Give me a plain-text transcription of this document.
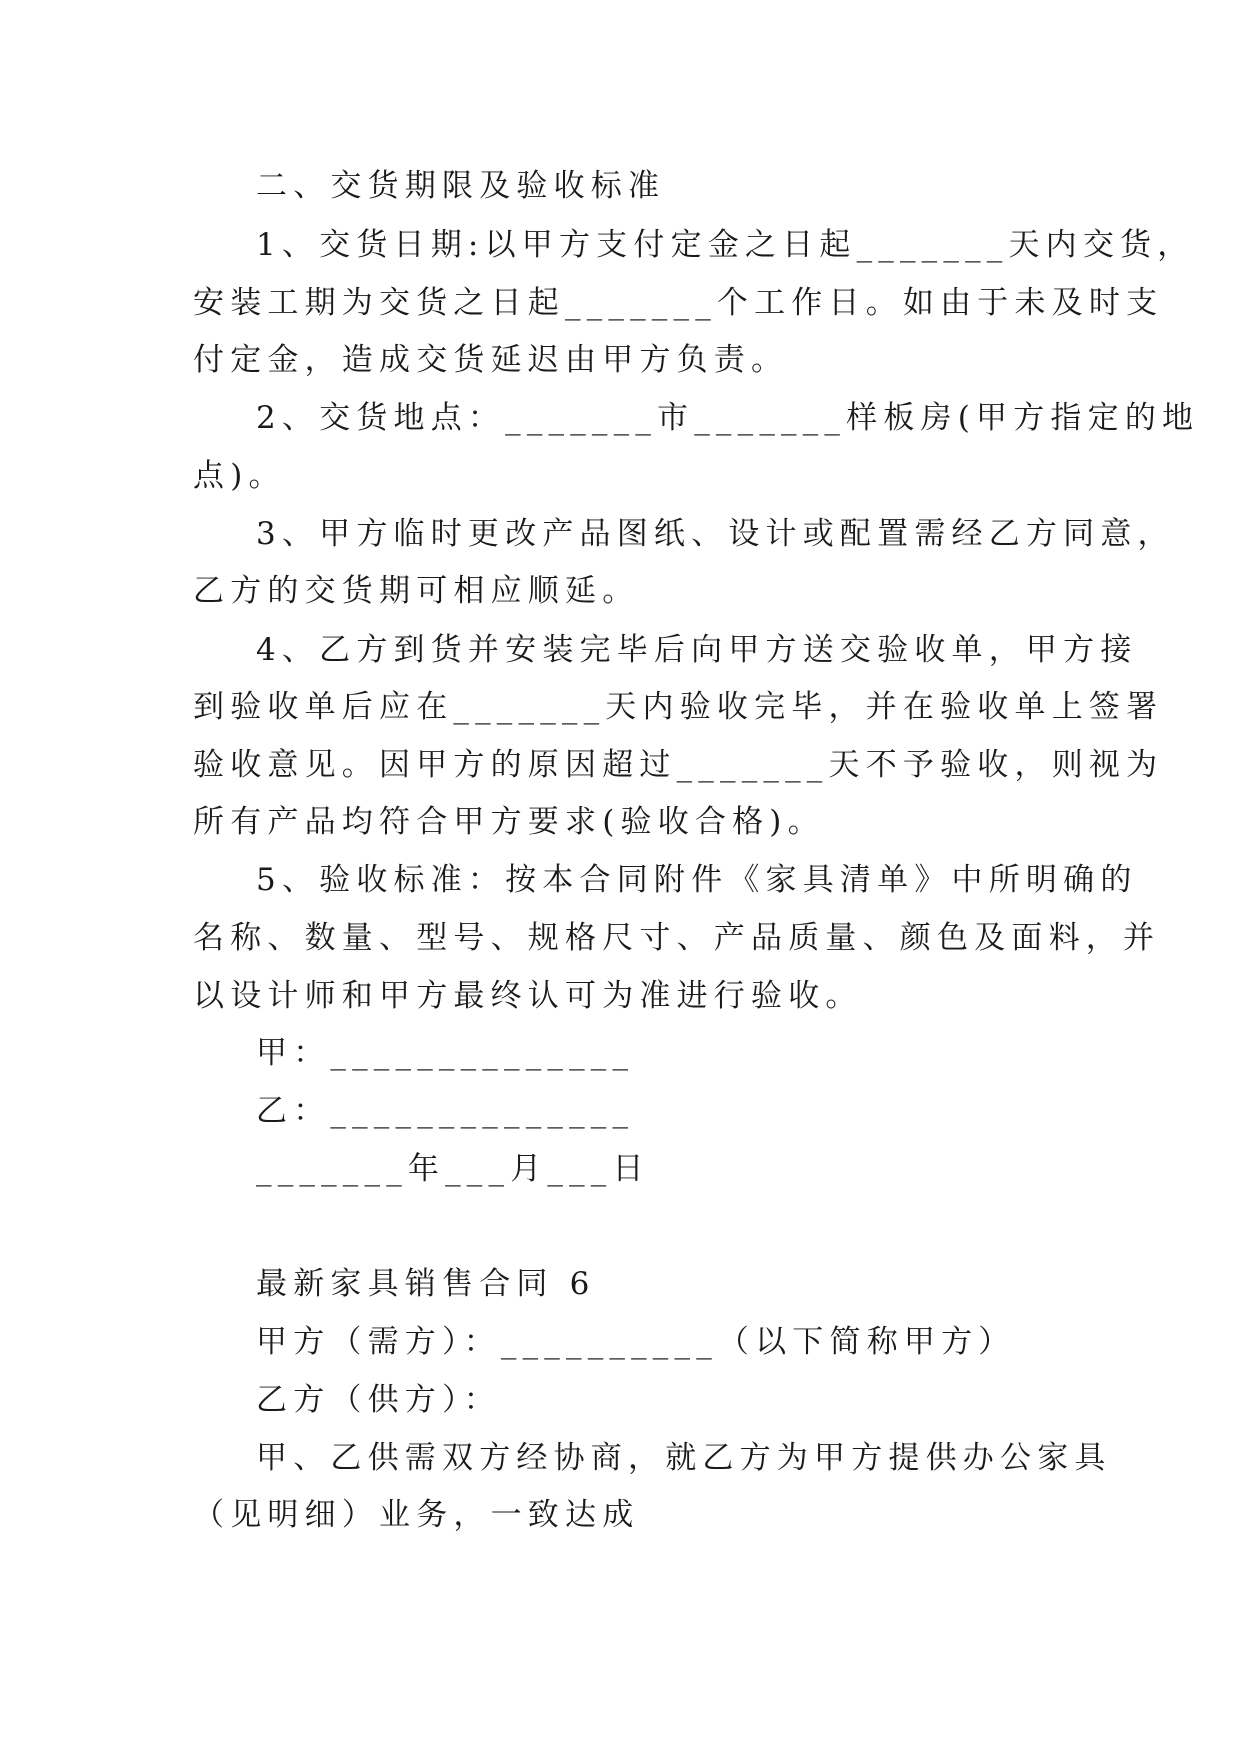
二、交货期限及验收标准
1、交货日期:以甲方支付定金之日起_______天内交货，
安装工期为交货之日起_______个工作日。如由于未及时支
付定金，造成交货延迟由甲方负责。
2、交货地点：_______市_______样板房(甲方指定的地
点)。
3、甲方临时更改产品图纸、设计或配置需经乙方同意，
乙方的交货期可相应顺延。
4、乙方到货并安装完毕后向甲方送交验收单，甲方接
到验收单后应在_______天内验收完毕，并在验收单上签署
验收意见。因甲方的原因超过_______天不予验收，则视为
所有产品均符合甲方要求(验收合格)。
5、验收标准：按本合同附件《家具清单》中所明确的
名称、数量、型号、规格尺寸、产品质量、颜色及面料，并
以设计师和甲方最终认可为准进行验收。
甲：______________
乙：______________
_______年___月___日
最新家具销售合同 6
甲方（需方）：__________（以下简称甲方）
乙方（供方）：
甲、乙供需双方经协商，就乙方为甲方提供办公家具
（见明细）业务，一致达成
